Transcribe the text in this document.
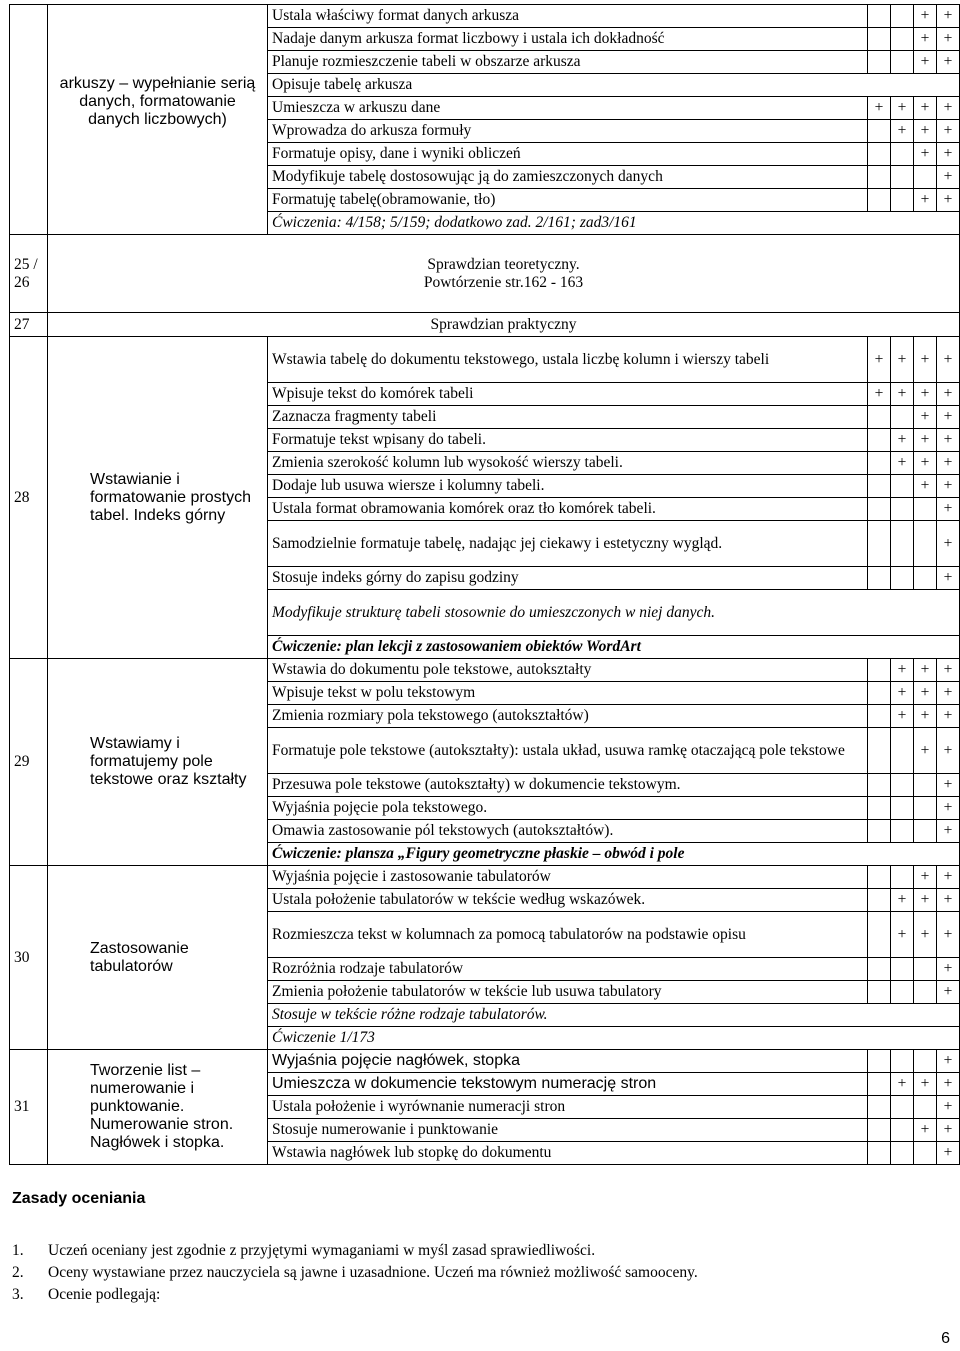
	arkuszy – wypełnianie serią danych, formatowanie danych liczbowych)	Ustala właściwy format danych arkusza			+	+
		Nadaje danym arkusza format liczbowy i ustala ich dokładność			+	+
		Planuje rozmieszczenie tabeli w obszarze arkusza			+	+
		Opisuje tabelę arkusza				
		Umieszcza w arkuszu dane	+	+	+	+
		Wprowadza do arkusza formuły		+	+	+
		Formatuje opisy, dane i wyniki obliczeń			+	+
		Modyfikuje tabelę dostosowując ją do zamieszczonych danych				+
		Formatuję tabelę(obramowanie, tło)			+	+
		Ćwiczenia: 4/158; 5/159; dodatkowo zad. 2/161; zad3/161				
25 / 26	Sprawdzian teoretyczny.
Powtórzenie str.162 - 163					

27	Sprawdzian praktyczny					
28	Wstawianie i formatowanie prostych tabel. Indeks górny	Wstawia tabelę do dokumentu tekstowego, ustala liczbę kolumn i wierszy tabeli	+	+	+	+
		Wpisuje tekst do komórek tabeli	+	+	+	+
		Zaznacza fragmenty tabeli			+	+
		Formatuje tekst wpisany do tabeli.		+	+	+
		Zmienia szerokość kolumn lub wysokość wierszy tabeli.		+	+	+
		Dodaje lub usuwa wiersze i kolumny tabeli.			+	+
		Ustala format obramowania komórek oraz tło komórek tabeli.				+
		Samodzielnie formatuje tabelę, nadając jej ciekawy i estetyczny wygląd.				+
		Stosuje indeks górny do zapisu godziny				+
		Modyfikuje strukturę tabeli stosownie do umieszczonych w niej danych.				
		Ćwiczenie: plan lekcji z zastosowaniem obiektów WordArt				
29	Wstawiamy i formatujemy pole tekstowe oraz kształty	Wstawia do dokumentu pole tekstowe, autokształty		+	+	+
		Wpisuje tekst w polu tekstowym		+	+	+
		Zmienia rozmiary pola tekstowego (autokształtów)		+	+	+
		Formatuje pole tekstowe (autokształty): ustala układ, usuwa ramkę otaczającą pole tekstowe			+	+
		Przesuwa pole tekstowe (autokształty) w dokumencie tekstowym.				+
		Wyjaśnia pojęcie pola tekstowego.				+
		Omawia zastosowanie pól tekstowych (autokształtów).				+
		Ćwiczenie: plansza „Figury geometryczne płaskie – obwód i pole				
30	Zastosowanie tabulatorów	Wyjaśnia pojęcie i zastosowanie tabulatorów			+	+
		Ustala położenie tabulatorów w tekście według wskazówek.		+	+	+
		Rozmieszcza tekst w kolumnach za pomocą tabulatorów na podstawie opisu		+	+	+
		Rozróżnia rodzaje tabulatorów				+
		Zmienia położenie tabulatorów w tekście lub usuwa tabulatory				+
		Stosuje w tekście różne rodzaje tabulatorów.				
		Ćwiczenie 1/173				
31	Tworzenie list – numerowanie i punktowanie. Numerowanie stron. Nagłówek i stopka.	Wyjaśnia pojęcie nagłówek, stopka				+
		Umieszcza w dokumencie tekstowym numerację stron		+	+	+
		Ustala położenie i wyrównanie numeracji stron				+
		Stosuje numerowanie i punktowanie			+	+
		Wstawia nagłówek lub stopkę do dokumentu				+
Zasady oceniania
1. Uczeń oceniany jest zgodnie z przyjętymi wymaganiami w myśl zasad sprawiedliwości.
2. Oceny wystawiane przez nauczyciela są jawne i uzasadnione. Uczeń ma również możliwość samooceny.
3. Ocenie podlegają:
6
